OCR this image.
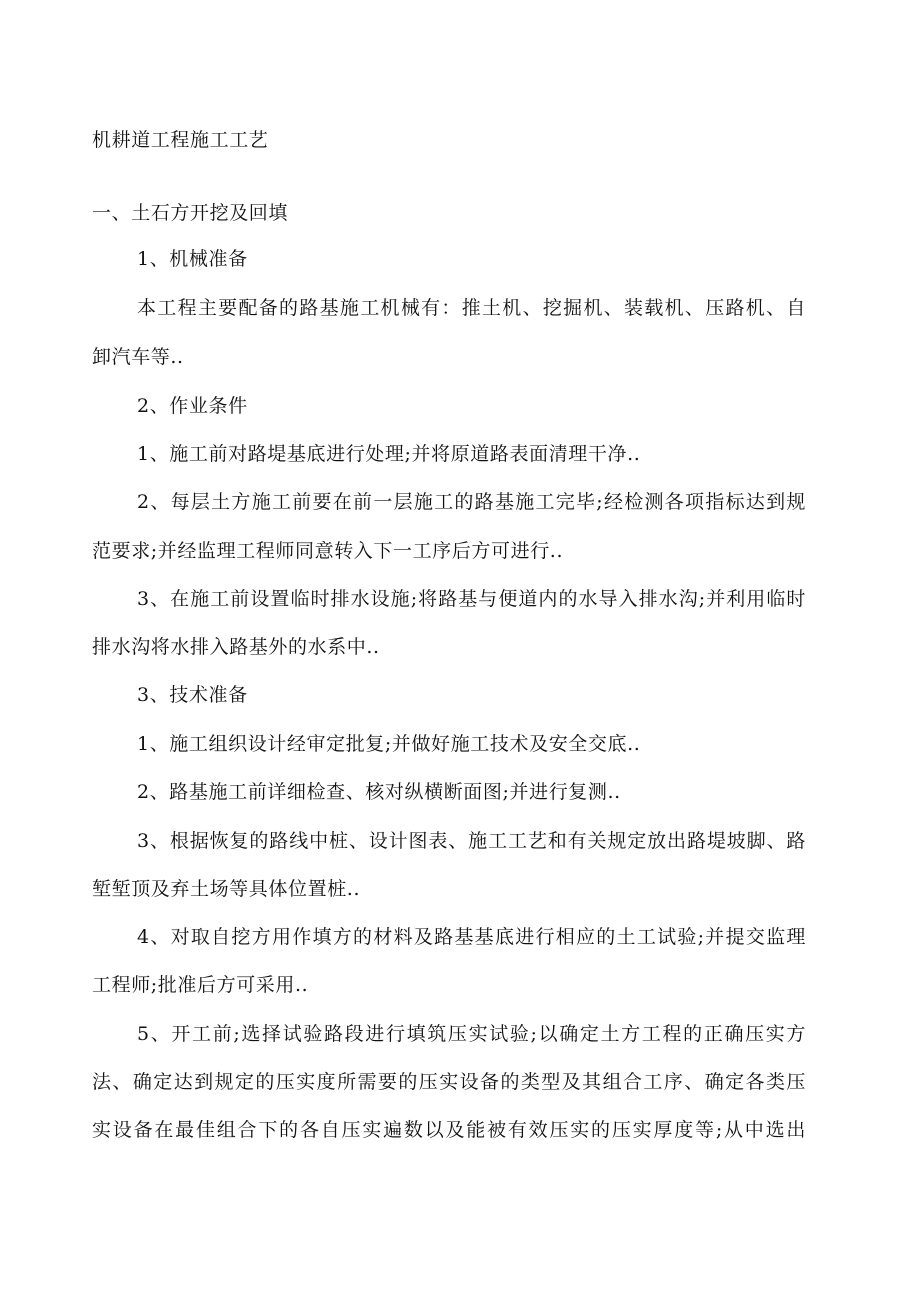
机耕道工程施工工艺
一、土石方开挖及回填
1、机械准备
本工程主要配备的路基施工机械有：推土机、挖掘机、装载机、压路机、自
卸汽车等..
2、作业条件
1、施工前对路堤基底进行处理;并将原道路表面清理干净..
2、每层土方施工前要在前一层施工的路基施工完毕;经检测各项指标达到规
范要求;并经监理工程师同意转入下一工序后方可进行..
3、在施工前设置临时排水设施;将路基与便道内的水导入排水沟;并利用临时
排水沟将水排入路基外的水系中..
3、技术准备
1、施工组织设计经审定批复;并做好施工技术及安全交底..
2、路基施工前详细检查、核对纵横断面图;并进行复测..
3、根据恢复的路线中桩、设计图表、施工工艺和有关规定放出路堤坡脚、路
堑堑顶及弃土场等具体位置桩..
4、对取自挖方用作填方的材料及路基基底进行相应的土工试验;并提交监理
工程师;批准后方可采用..
5、开工前;选择试验路段进行填筑压实试验;以确定土方工程的正确压实方
法、确定达到规定的压实度所需要的压实设备的类型及其组合工序、确定各类压
实设备在最佳组合下的各自压实遍数以及能被有效压实的压实厚度等;从中选出
